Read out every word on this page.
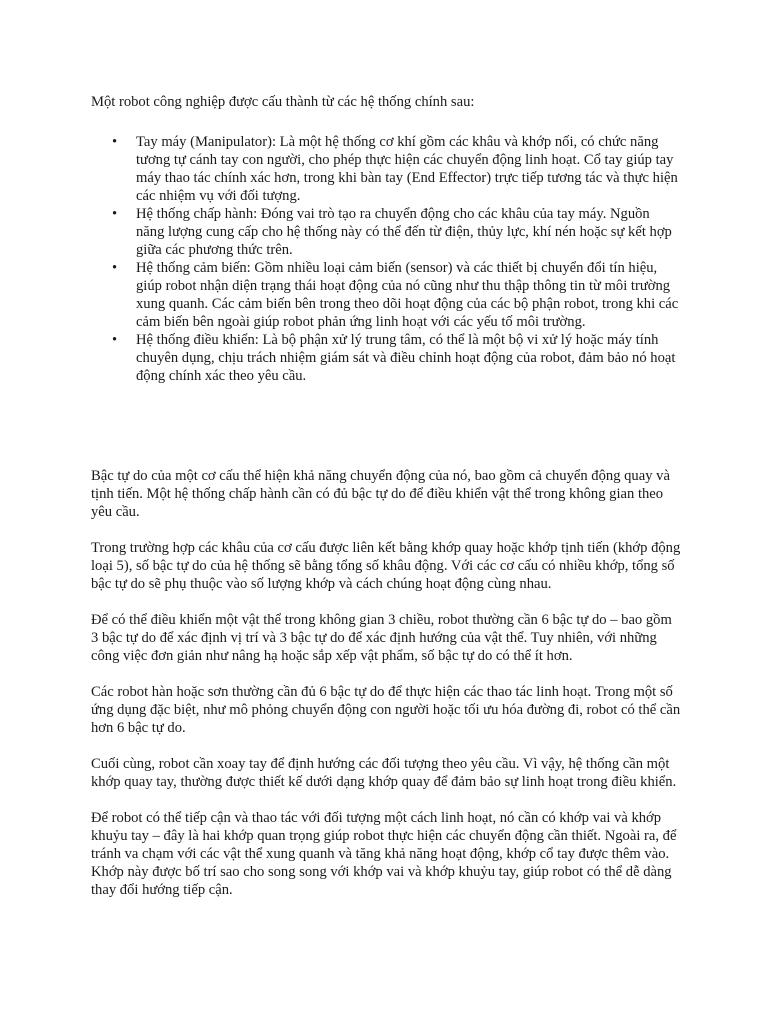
Một robot công nghiệp được cấu thành từ các hệ thống chính sau:

• Tay máy (Manipulator): Là một hệ thống cơ khí gồm các khâu và khớp nối, có chức năng tương tự cánh tay con người, cho phép thực hiện các chuyển động linh hoạt. Cổ tay giúp tay máy thao tác chính xác hơn, trong khi bàn tay (End Effector) trực tiếp tương tác và thực hiện các nhiệm vụ với đối tượng.
• Hệ thống chấp hành: Đóng vai trò tạo ra chuyển động cho các khâu của tay máy. Nguồn năng lượng cung cấp cho hệ thống này có thể đến từ điện, thủy lực, khí nén hoặc sự kết hợp giữa các phương thức trên.
• Hệ thống cảm biến: Gồm nhiều loại cảm biến (sensor) và các thiết bị chuyển đổi tín hiệu, giúp robot nhận diện trạng thái hoạt động của nó cũng như thu thập thông tin từ môi trường xung quanh. Các cảm biến bên trong theo dõi hoạt động của các bộ phận robot, trong khi các cảm biến bên ngoài giúp robot phản ứng linh hoạt với các yếu tố môi trường.
• Hệ thống điều khiển: Là bộ phận xử lý trung tâm, có thể là một bộ vi xử lý hoặc máy tính chuyên dụng, chịu trách nhiệm giám sát và điều chỉnh hoạt động của robot, đảm bảo nó hoạt động chính xác theo yêu cầu.

Bậc tự do của một cơ cấu thể hiện khả năng chuyển động của nó, bao gồm cả chuyển động quay và tịnh tiến. Một hệ thống chấp hành cần có đủ bậc tự do để điều khiển vật thể trong không gian theo yêu cầu.

Trong trường hợp các khâu của cơ cấu được liên kết bằng khớp quay hoặc khớp tịnh tiến (khớp động loại 5), số bậc tự do của hệ thống sẽ bằng tổng số khâu động. Với các cơ cấu có nhiều khớp, tổng số bậc tự do sẽ phụ thuộc vào số lượng khớp và cách chúng hoạt động cùng nhau.

Để có thể điều khiển một vật thể trong không gian 3 chiều, robot thường cần 6 bậc tự do – bao gồm 3 bậc tự do để xác định vị trí và 3 bậc tự do để xác định hướng của vật thể. Tuy nhiên, với những công việc đơn giản như nâng hạ hoặc sắp xếp vật phẩm, số bậc tự do có thể ít hơn.

Các robot hàn hoặc sơn thường cần đủ 6 bậc tự do để thực hiện các thao tác linh hoạt. Trong một số ứng dụng đặc biệt, như mô phỏng chuyển động con người hoặc tối ưu hóa đường đi, robot có thể cần hơn 6 bậc tự do.

Cuối cùng, robot cần xoay tay để định hướng các đối tượng theo yêu cầu. Vì vậy, hệ thống cần một khớp quay tay, thường được thiết kế dưới dạng khớp quay để đảm bảo sự linh hoạt trong điều khiển.

Để robot có thể tiếp cận và thao tác với đối tượng một cách linh hoạt, nó cần có khớp vai và khớp khuỷu tay – đây là hai khớp quan trọng giúp robot thực hiện các chuyển động cần thiết. Ngoài ra, để tránh va chạm với các vật thể xung quanh và tăng khả năng hoạt động, khớp cổ tay được thêm vào. Khớp này được bố trí sao cho song song với khớp vai và khớp khuỷu tay, giúp robot có thể dễ dàng thay đổi hướng tiếp cận.
